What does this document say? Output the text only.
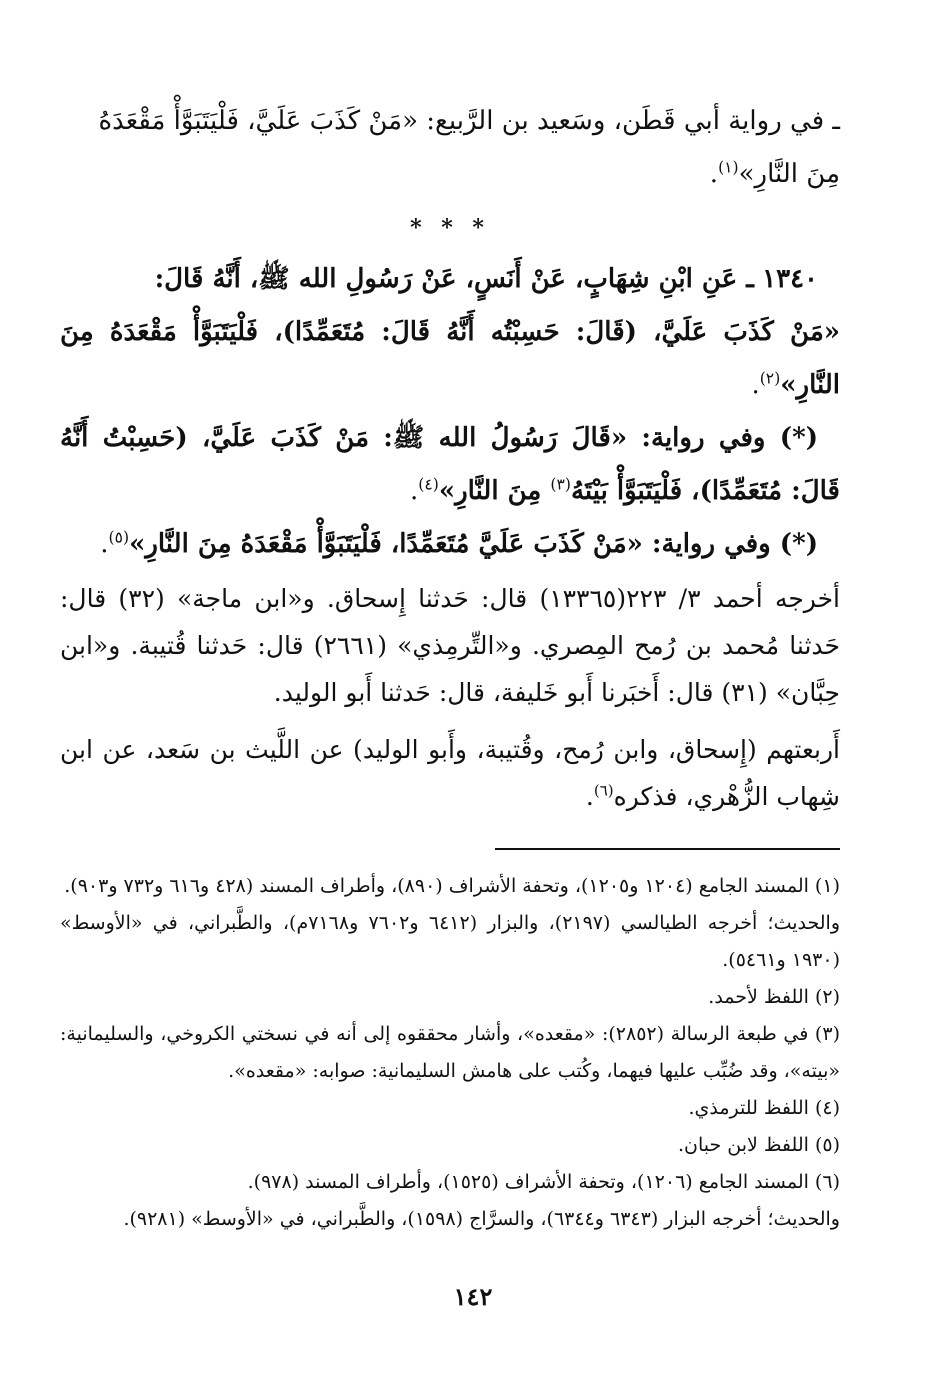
ـ في رواية أبي قَطَن، وسَعيد بن الرَّبيع: «مَنْ كَذَبَ عَلَيَّ، فَلْيَتَبَوَّأْ مَقْعَدَهُ
مِنَ النَّارِ»$^{(١)}$.

* * *

١٣٤٠ ـ عَنِ ابْنِ شِهَابٍ، عَنْ أَنَسٍ، عَنْ رَسُولِ الله ﷺ، أَنَّهُ قَالَ:
«مَنْ كَذَبَ عَلَيَّ، (قَالَ: حَسِبْتُه أَنَّهُ قَالَ: مُتَعَمِّدًا)، فَلْيَتَبَوَّأْ مَقْعَدَهُ مِنَ النَّارِ»$^{(٢)}$.

(*) وفي رواية: «قَالَ رَسُولُ الله ﷺ: مَنْ كَذَبَ عَلَيَّ، (حَسِبْتُ أَنَّهُ قَالَ: مُتَعَمِّدًا)، فَلْيَتَبَوَّأْ بَيْتَهُ$^{(٣)}$ مِنَ النَّارِ»$^{(٤)}$.

(*) وفي رواية: «مَنْ كَذَبَ عَلَيَّ مُتَعَمِّدًا، فَلْيَتَبَوَّأْ مَقْعَدَهُ مِنَ النَّارِ»$^{(٥)}$.

أخرجه أحمد ٣/ ٢٢٣(١٣٣٦٥) قال: حَدثنا إِسحاق. و«ابن ماجة» (٣٢) قال: حَدثنا مُحمد بن رُمح المِصري. و«التِّرمِذي» (٢٦٦١) قال: حَدثنا قُتيبة. و«ابن حِبَّان» (٣١) قال: أَخبَرنا أَبو خَليفة، قال: حَدثنا أَبو الوليد.

أَربعتهم (إِسحاق، وابن رُمح، وقُتيبة، وأَبو الوليد) عن اللَّيث بن سَعد، عن ابن شِهاب الزُّهْري، فذكره$^{(٦)}$.

(١) المسند الجامع (١٢٠٤ و١٢٠٥)، وتحفة الأشراف (٨٩٠)، وأطراف المسند (٤٢٨ و٦١٦ و٧٣٢ و٩٠٣).

والحديث؛ أخرجه الطيالسي (٢١٩٧)، والبزار (٦٤١٢ و٧٦٠٢ و٧١٦٨م)، والطَّبراني، في «الأوسط» (١٩٣٠ و٥٤٦١).

(٢) اللفظ لأحمد.

(٣) في طبعة الرسالة (٢٨٥٢): «مقعده»، وأشار محققوه إلى أنه في نسختي الكروخي، والسليمانية: «بيته»، وقد ضُبِّب عليها فيهما، وكُتب على هامش السليمانية: صوابه: «مقعده».

(٤) اللفظ للترمذي.

(٥) اللفظ لابن حبان.

(٦) المسند الجامع (١٢٠٦)، وتحفة الأشراف (١٥٢٥)، وأطراف المسند (٩٧٨).

والحديث؛ أخرجه البزار (٦٣٤٣ و٦٣٤٤)، والسرَّاج (١٥٩٨)، والطَّبراني، في «الأوسط» (٩٢٨١).

١٤٢
